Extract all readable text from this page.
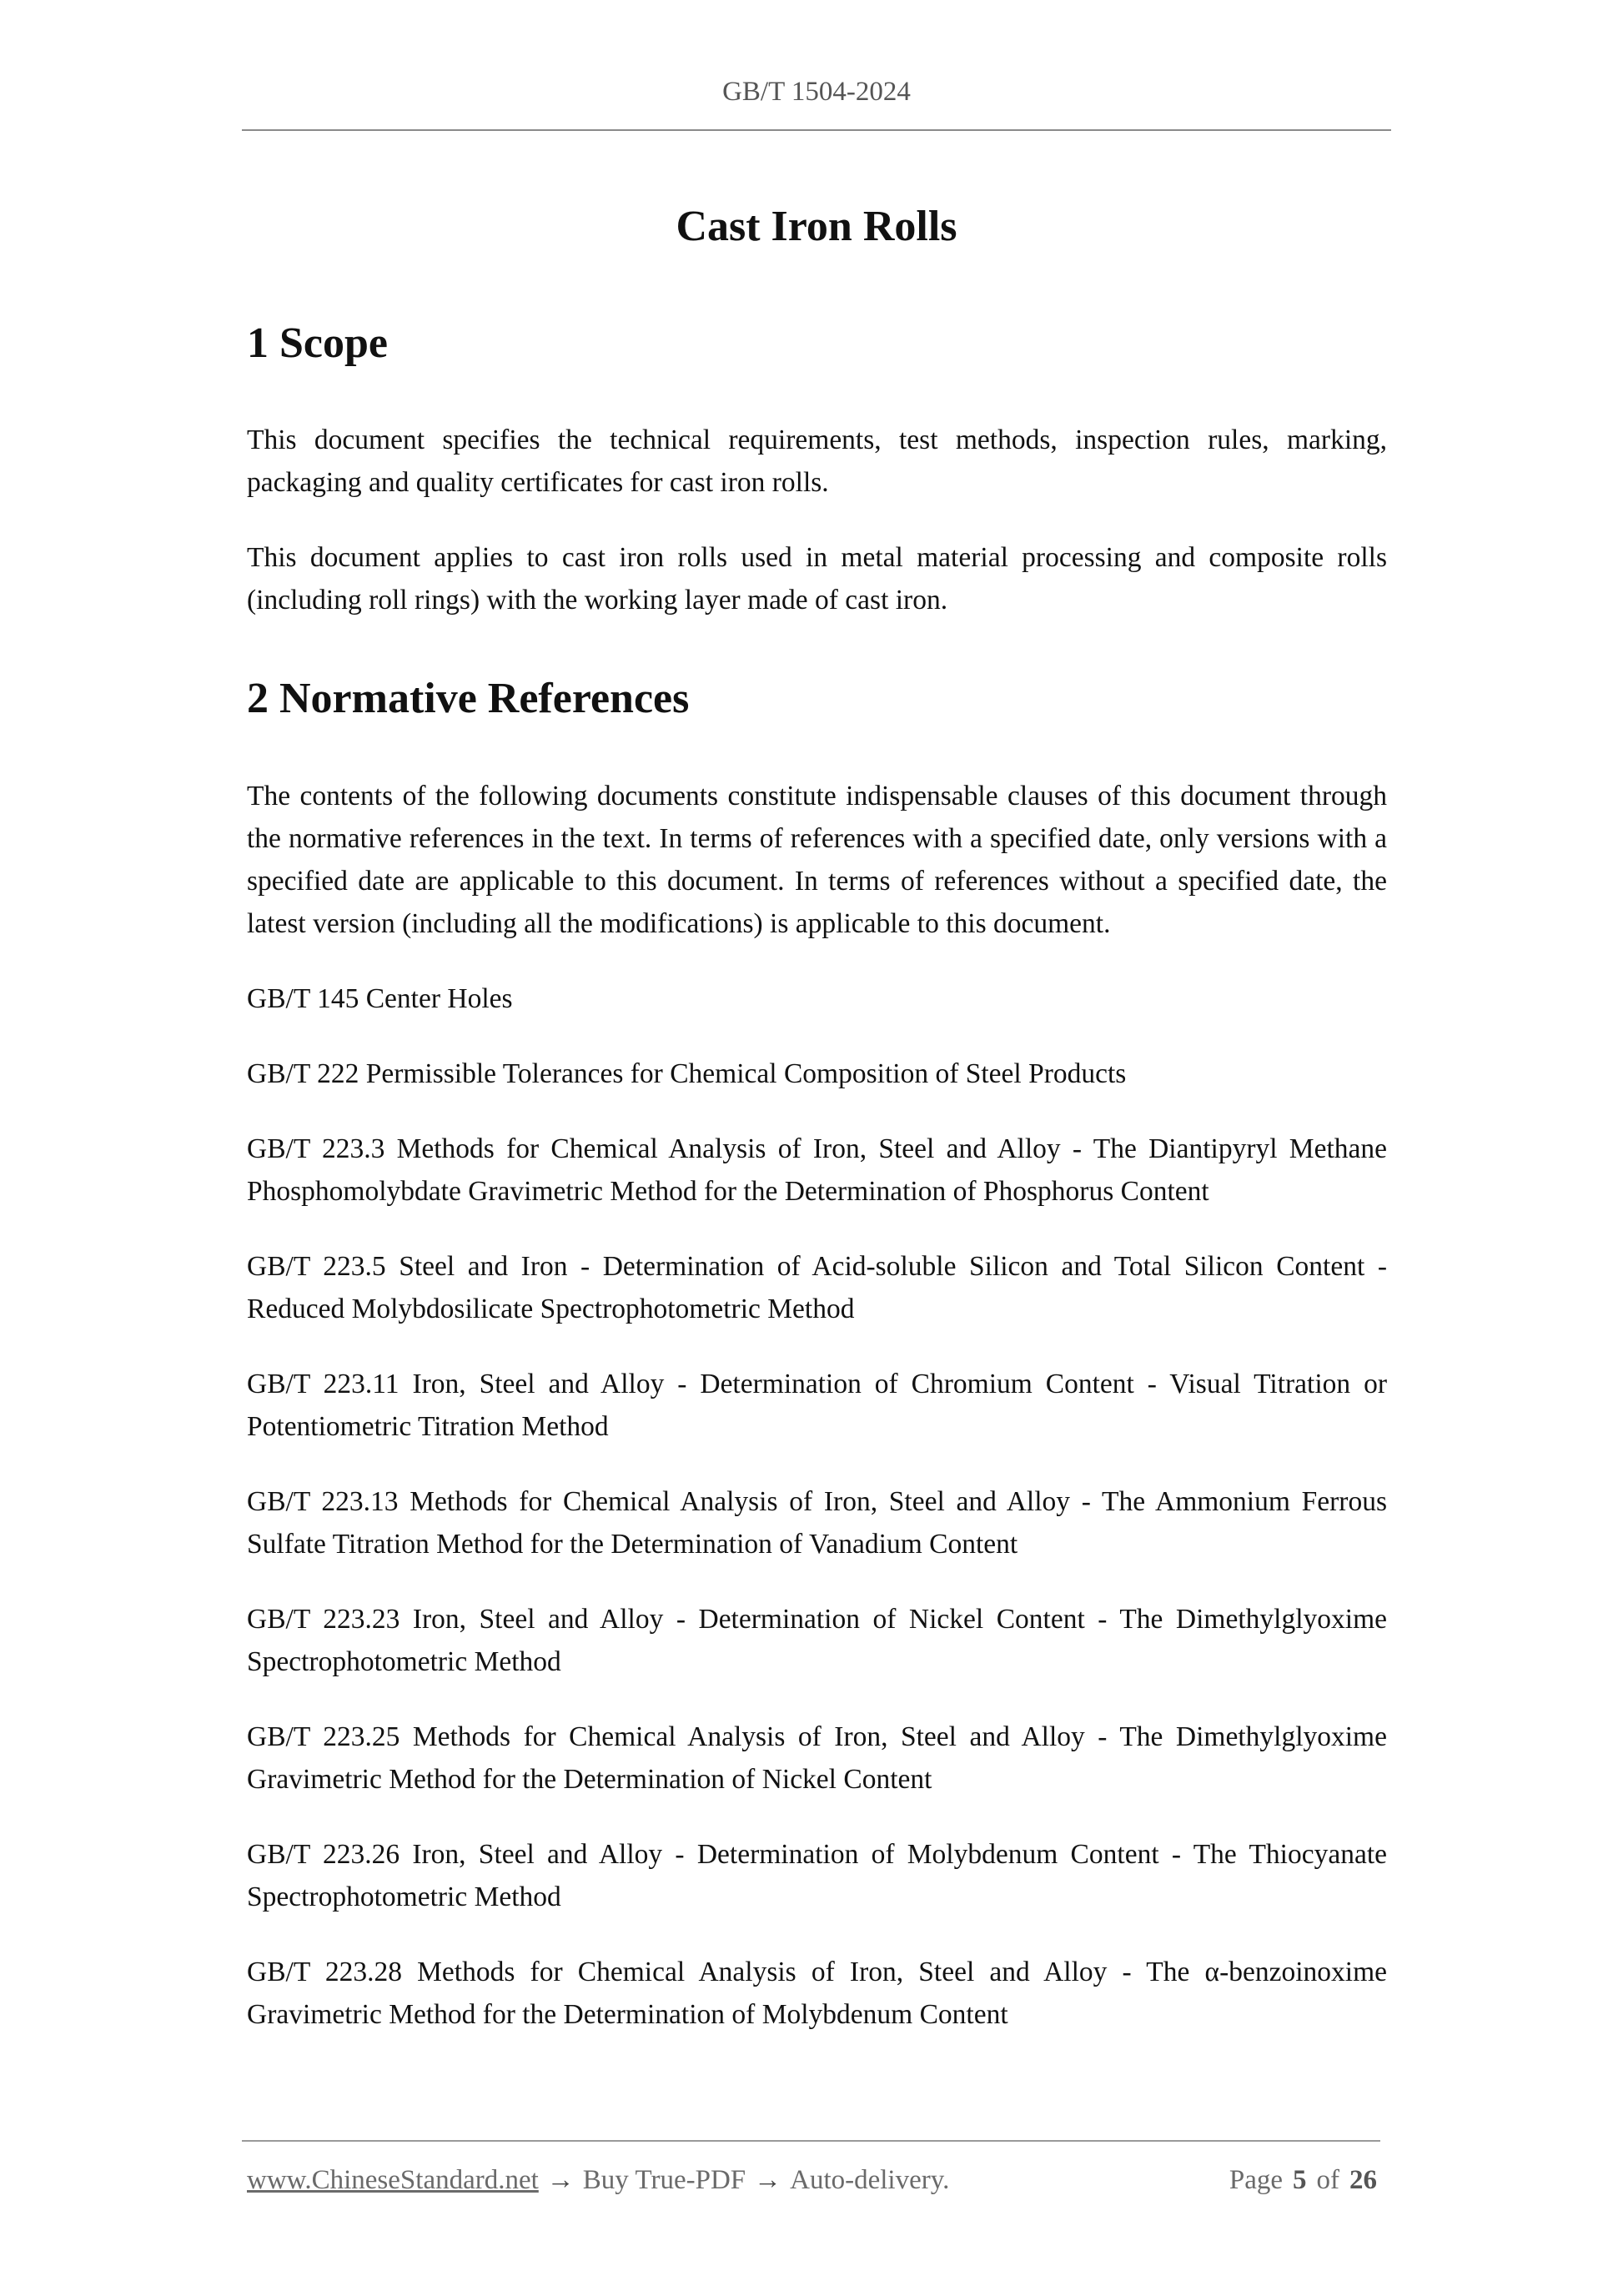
GB/T 1504-2024
Cast Iron Rolls
1 Scope

This document specifies the technical requirements, test methods, inspection rules, marking, packaging and quality certificates for cast iron rolls.

This document applies to cast iron rolls used in metal material processing and composite rolls (including roll rings) with the working layer made of cast iron.

2 Normative References

The contents of the following documents constitute indispensable clauses of this document through the normative references in the text. In terms of references with a specified date, only versions with a specified date are applicable to this document. In terms of references without a specified date, the latest version (including all the modifications) is applicable to this document.

GB/T 145 Center Holes

GB/T 222 Permissible Tolerances for Chemical Composition of Steel Products

GB/T 223.3 Methods for Chemical Analysis of Iron, Steel and Alloy - The Diantipyryl Methane Phosphomolybdate Gravimetric Method for the Determination of Phosphorus Content

GB/T 223.5 Steel and Iron - Determination of Acid-soluble Silicon and Total Silicon Content - Reduced Molybdosilicate Spectrophotometric Method

GB/T 223.11 Iron, Steel and Alloy - Determination of Chromium Content - Visual Titration or Potentiometric Titration Method

GB/T 223.13 Methods for Chemical Analysis of Iron, Steel and Alloy - The Ammonium Ferrous Sulfate Titration Method for the Determination of Vanadium Content

GB/T 223.23 Iron, Steel and Alloy - Determination of Nickel Content - The Dimethylglyoxime Spectrophotometric Method

GB/T 223.25 Methods for Chemical Analysis of Iron, Steel and Alloy - The Dimethylglyoxime Gravimetric Method for the Determination of Nickel Content

GB/T 223.26 Iron, Steel and Alloy - Determination of Molybdenum Content - The Thiocyanate Spectrophotometric Method

GB/T 223.28 Methods for Chemical Analysis of Iron, Steel and Alloy - The α-benzoinoxime Gravimetric Method for the Determination of Molybdenum Content

www.ChineseStandard.net → Buy True-PDF → Auto-delivery.	Page 5 of 26
